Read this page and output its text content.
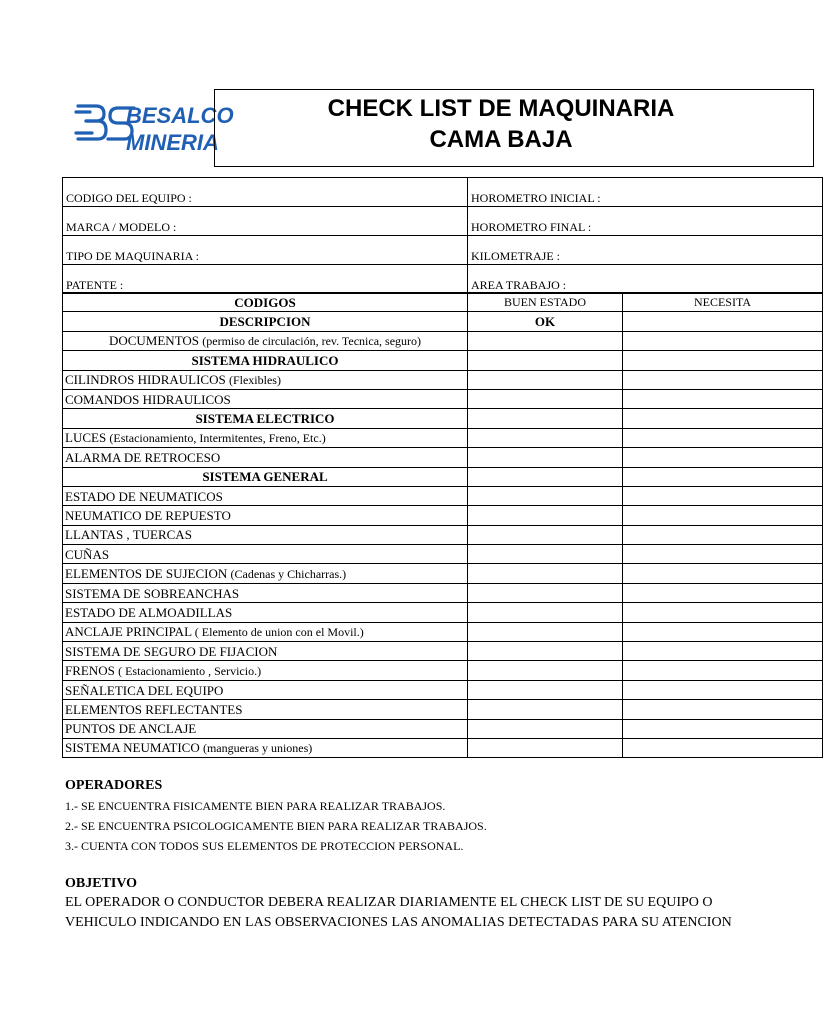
BESALCO
MINERIA
CHECK LIST DE MAQUINARIA
CAMA BAJA
CODIGO DEL EQUIPO :	HOROMETRO INICIAL :
MARCA / MODELO :	HOROMETRO FINAL :
TIPO DE MAQUINARIA :	KILOMETRAJE :
PATENTE :	AREA TRABAJO :
CODIGOS	BUEN ESTADO	NECESITA
DESCRIPCION	OK	
DOCUMENTOS (permiso de circulación, rev. Tecnica, seguro)		
SISTEMA HIDRAULICO		
CILINDROS HIDRAULICOS (Flexibles)		
COMANDOS HIDRAULICOS		
SISTEMA ELECTRICO		
LUCES (Estacionamiento, Intermitentes, Freno, Etc.)		
ALARMA DE RETROCESO		
SISTEMA GENERAL		
ESTADO DE NEUMATICOS		
NEUMATICO DE REPUESTO		
LLANTAS , TUERCAS		
CUÑAS		
ELEMENTOS DE SUJECION (Cadenas y Chicharras.)		
SISTEMA DE SOBREANCHAS		
ESTADO DE ALMOADILLAS		
ANCLAJE PRINCIPAL ( Elemento de union con el Movil.)		
SISTEMA DE SEGURO DE FIJACION		
FRENOS ( Estacionamiento , Servicio.)		
SEÑALETICA DEL EQUIPO		
ELEMENTOS REFLECTANTES		
PUNTOS DE ANCLAJE		
SISTEMA NEUMATICO (mangueras y uniones)		
OPERADORES
1.- SE ENCUENTRA FISICAMENTE BIEN PARA REALIZAR TRABAJOS.
2.- SE ENCUENTRA PSICOLOGICAMENTE BIEN PARA REALIZAR TRABAJOS.
3.- CUENTA CON TODOS SUS ELEMENTOS DE PROTECCION PERSONAL.
OBJETIVO
EL OPERADOR O CONDUCTOR DEBERA REALIZAR DIARIAMENTE EL CHECK LIST DE SU EQUIPO O
VEHICULO INDICANDO EN LAS OBSERVACIONES LAS ANOMALIAS DETECTADAS PARA SU ATENCION
